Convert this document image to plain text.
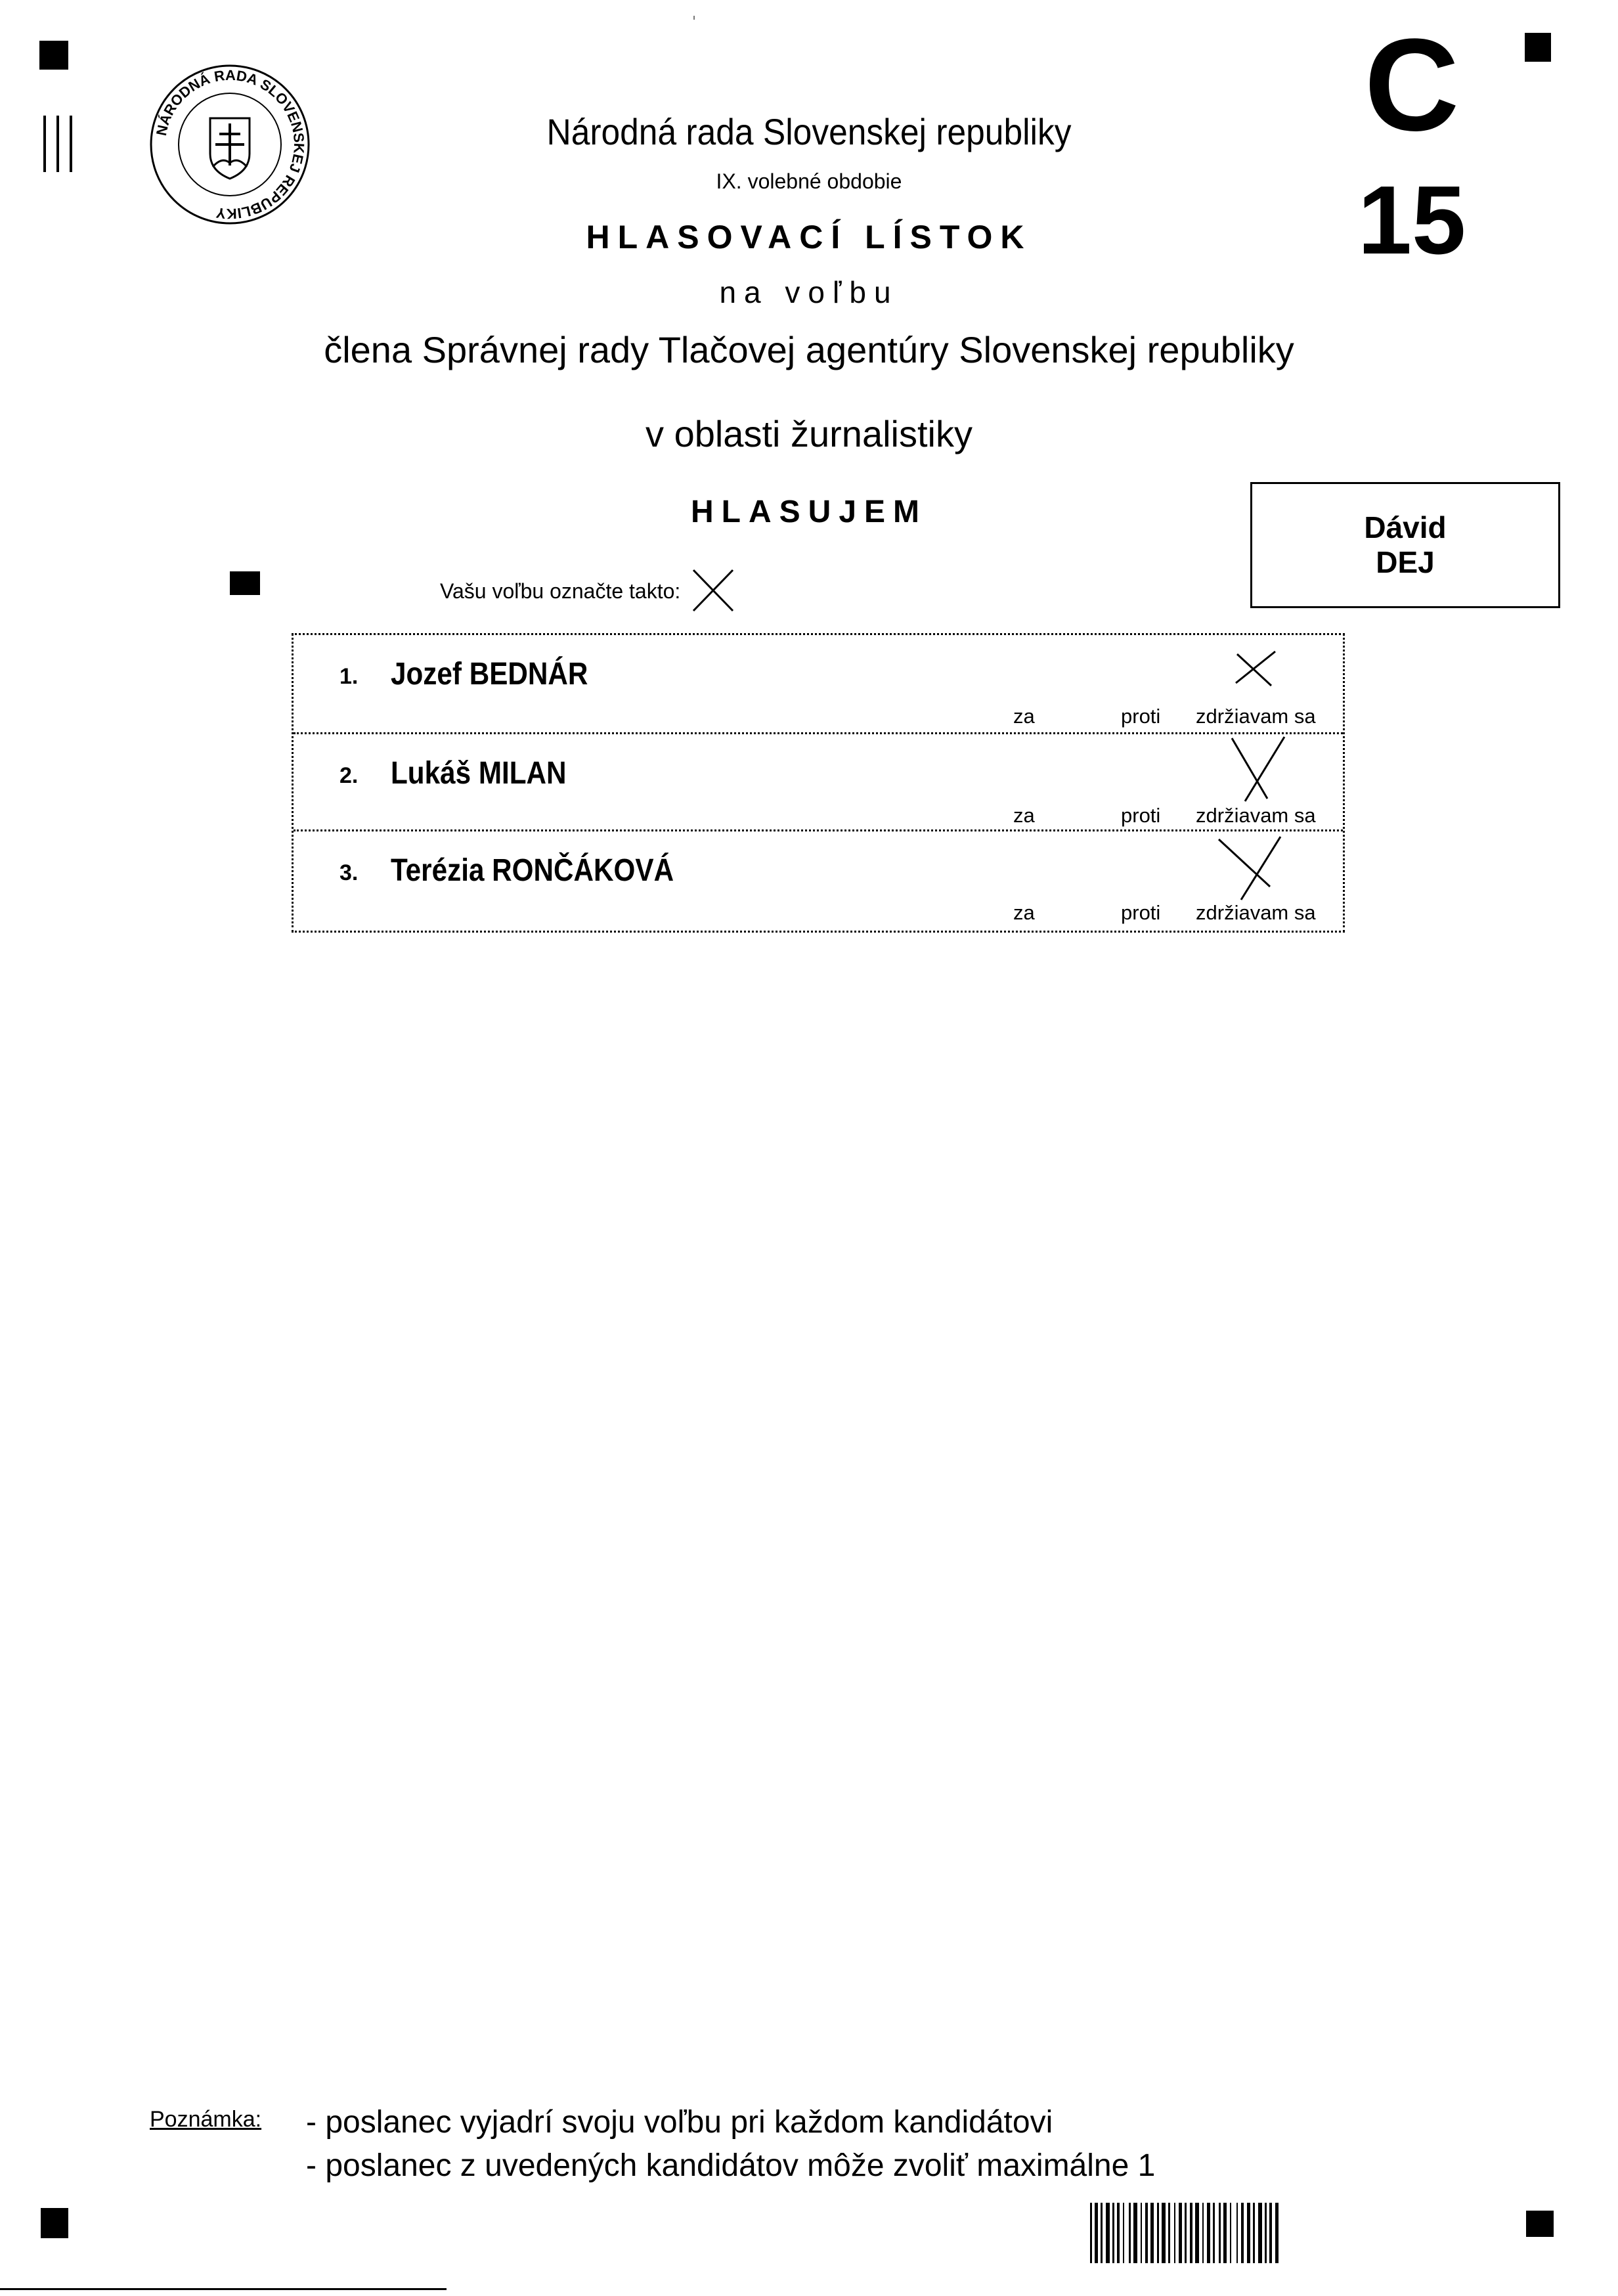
NÁRODNÁ RADA SLOVENSKEJ REPUBLIKY
Národná rada Slovenskej republiky
IX. volebné obdobie
HLASOVACÍ LÍSTOK
na voľbu
člena Správnej rady Tlačovej agentúry Slovenskej republiky
v oblasti žurnalistiky
HLASUJEM
C
15
Dávid
DEJ
Vašu voľbu označte takto:
1. Jozef BEDNÁR
za	proti zdržiavam sa
2. Lukáš MILAN
za	proti zdržiavam sa
3. Terézia RONČÁKOVÁ
za	proti zdržiavam sa
Poznámka: - poslanec vyjadrí svoju voľbu pri každom kandidátovi
- poslanec z uvedených kandidátov môže zvoliť maximálne 1
